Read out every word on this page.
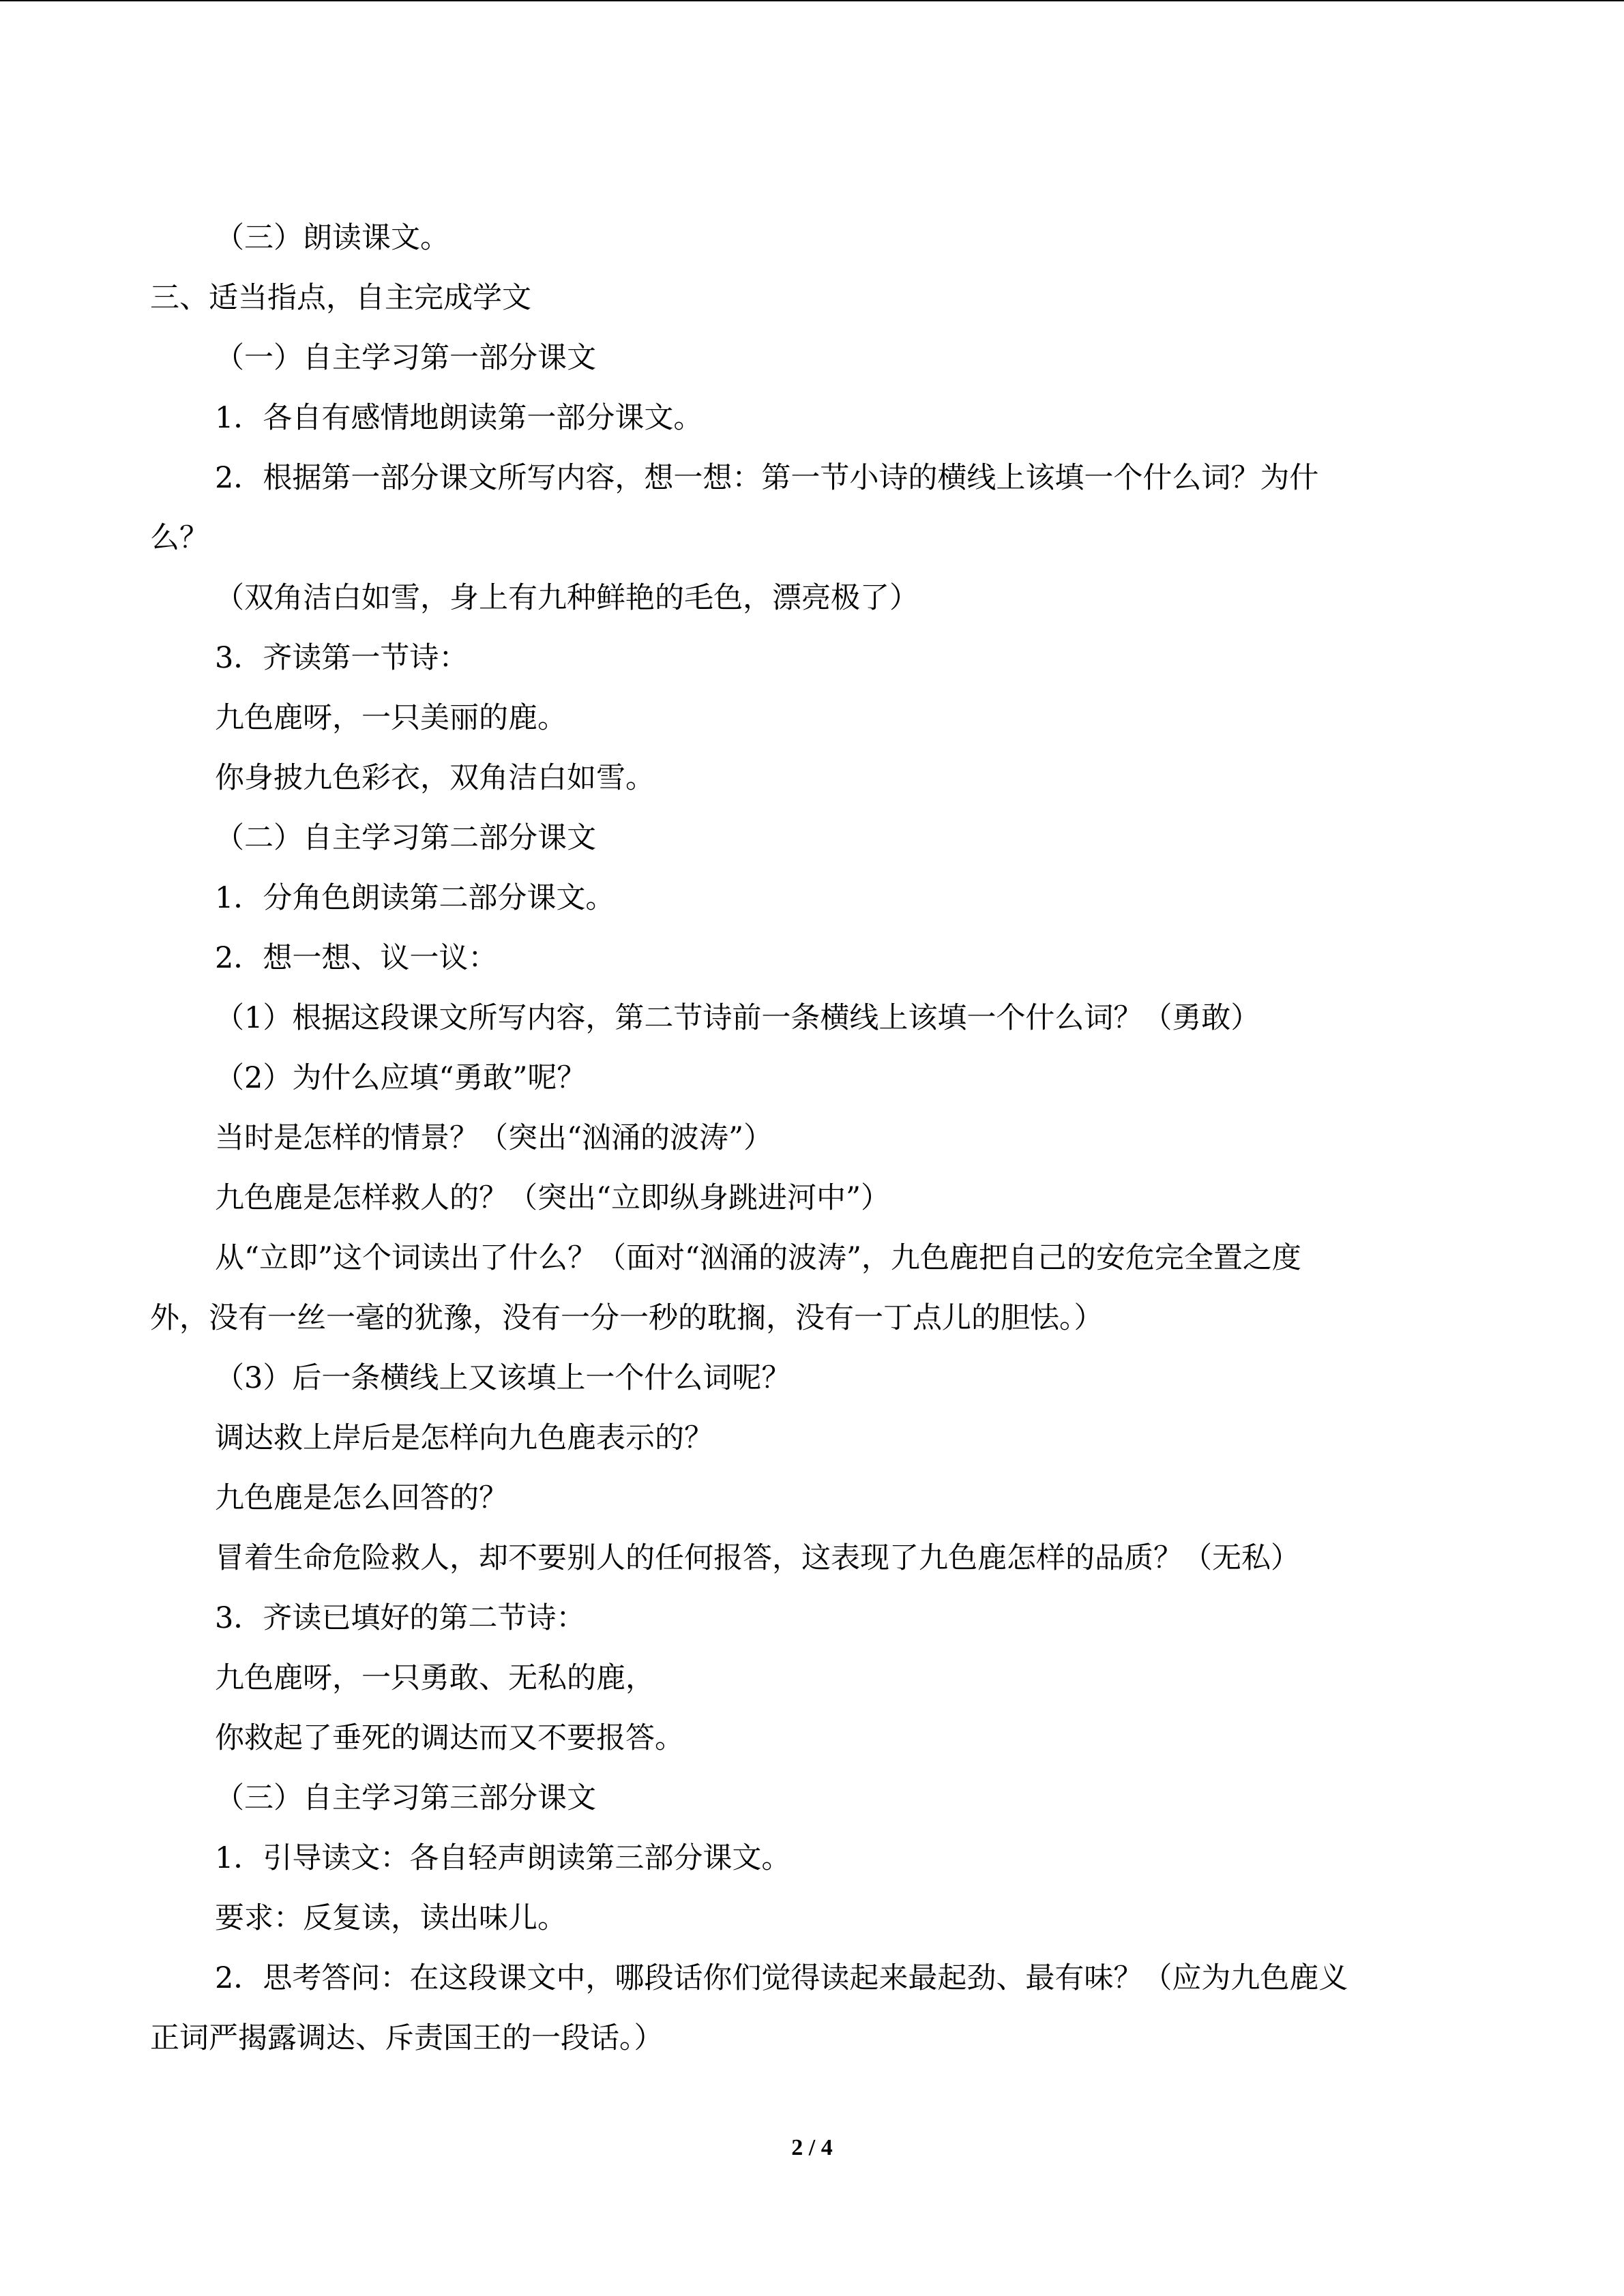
（三）朗读课文。
三、适当指点，自主完成学文
（一）自主学习第一部分课文
1．各自有感情地朗读第一部分课文。
2．根据第一部分课文所写内容，想一想：第一节小诗的横线上该填一个什么词？为什
么？
（双角洁白如雪，身上有九种鲜艳的毛色，漂亮极了）
3．齐读第一节诗：
九色鹿呀，一只美丽的鹿。
你身披九色彩衣，双角洁白如雪。
（二）自主学习第二部分课文
1．分角色朗读第二部分课文。
2．想一想、议一议：
（1）根据这段课文所写内容，第二节诗前一条横线上该填一个什么词？（勇敢）
（2）为什么应填“勇敢”呢？
当时是怎样的情景？（突出“汹涌的波涛”）
九色鹿是怎样救人的？（突出“立即纵身跳进河中”）
从“立即”这个词读出了什么？（面对“汹涌的波涛”，九色鹿把自己的安危完全置之度
外，没有一丝一毫的犹豫，没有一分一秒的耽搁，没有一丁点儿的胆怯。）
（3）后一条横线上又该填上一个什么词呢？
调达救上岸后是怎样向九色鹿表示的？
九色鹿是怎么回答的？
冒着生命危险救人，却不要别人的任何报答，这表现了九色鹿怎样的品质？（无私）
3．齐读已填好的第二节诗：
九色鹿呀，一只勇敢、无私的鹿，
你救起了垂死的调达而又不要报答。
（三）自主学习第三部分课文
1．引导读文：各自轻声朗读第三部分课文。
要求：反复读，读出味儿。
2．思考答问：在这段课文中，哪段话你们觉得读起来最起劲、最有味？（应为九色鹿义
正词严揭露调达、斥责国王的一段话。）
2 / 4
